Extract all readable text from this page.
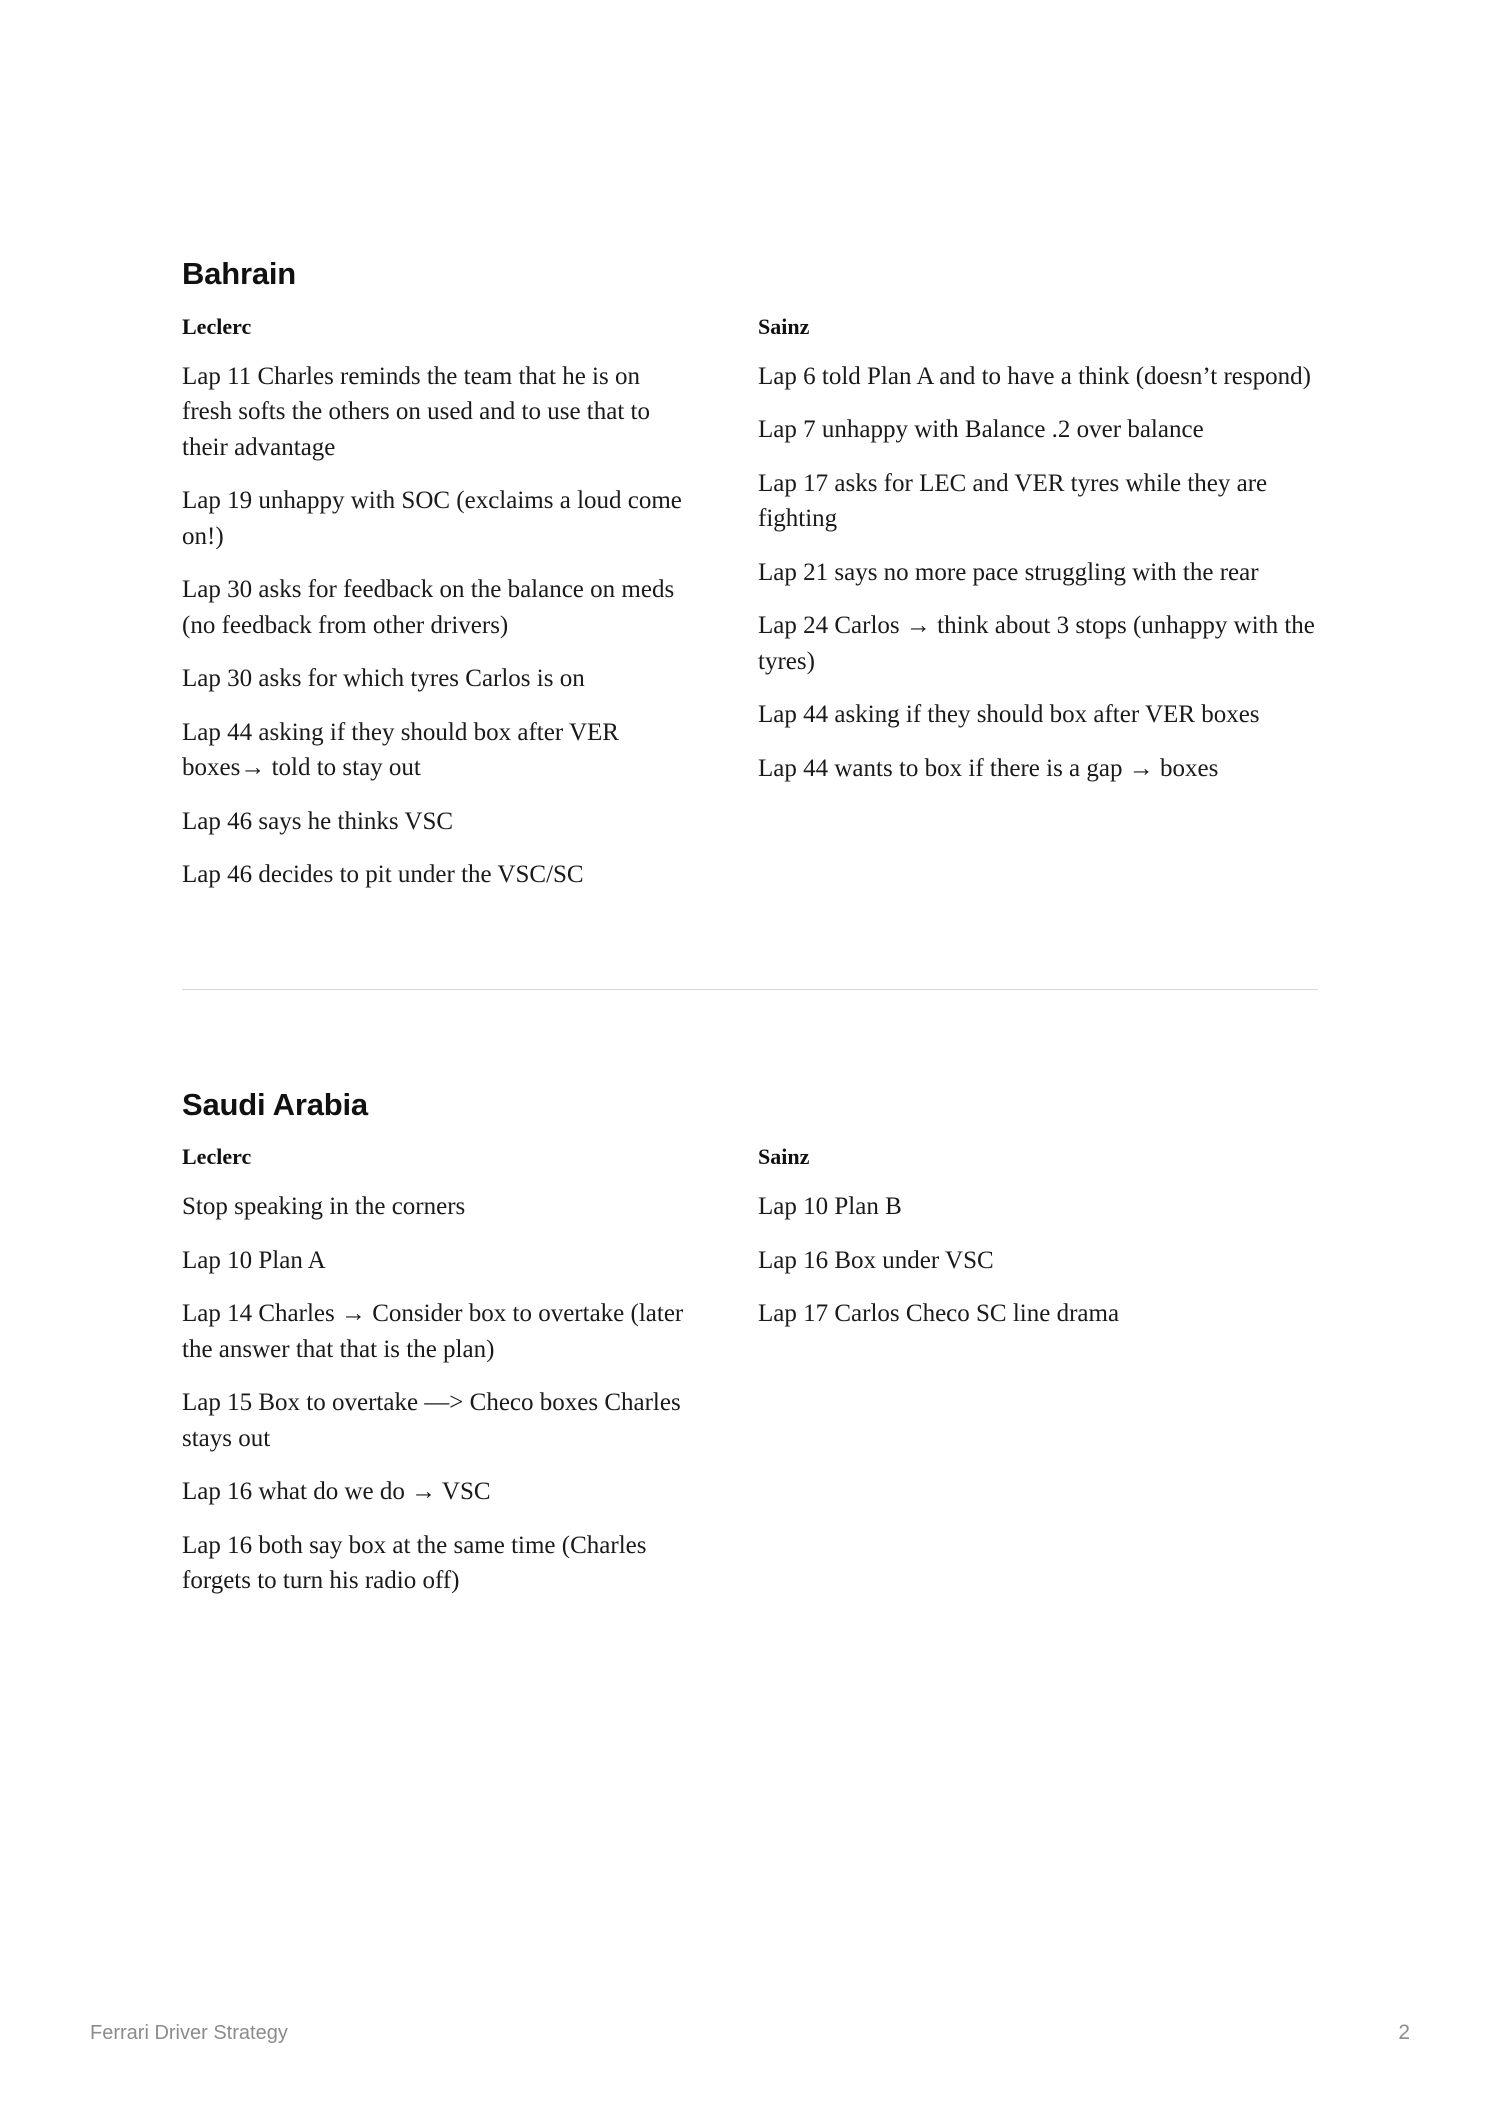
Bahrain
Leclerc

Lap 11 Charles reminds the team that he is on fresh softs the others on used and to use that to their advantage

Lap 19 unhappy with SOC (exclaims a loud come on!)

Lap 30 asks for feedback on the balance on meds (no feedback from other drivers)

Lap 30 asks for which tyres Carlos is on

Lap 44 asking if they should box after VER boxes→ told to stay out

Lap 46 says he thinks VSC

Lap 46 decides to pit under the VSC/SC

Sainz

Lap 6 told Plan A and to have a think (doesn’t respond)

Lap 7 unhappy with Balance .2 over balance

Lap 17 asks for LEC and VER tyres while they are fighting

Lap 21 says no more pace struggling with the rear

Lap 24 Carlos → think about 3 stops (unhappy with the tyres)

Lap 44 asking if they should box after VER boxes

Lap 44 wants to box if there is a gap → boxes

Saudi Arabia
Leclerc

Stop speaking in the corners

Lap 10 Plan A

Lap 14 Charles → Consider box to overtake (later the answer that that is the plan)

Lap 15 Box to overtake —> Checo boxes Charles stays out

Lap 16 what do we do → VSC

Lap 16 both say box at the same time (Charles forgets to turn his radio off)

Sainz

Lap 10 Plan B

Lap 16 Box under VSC

Lap 17 Carlos Checo SC line drama

Ferrari Driver Strategy	2
